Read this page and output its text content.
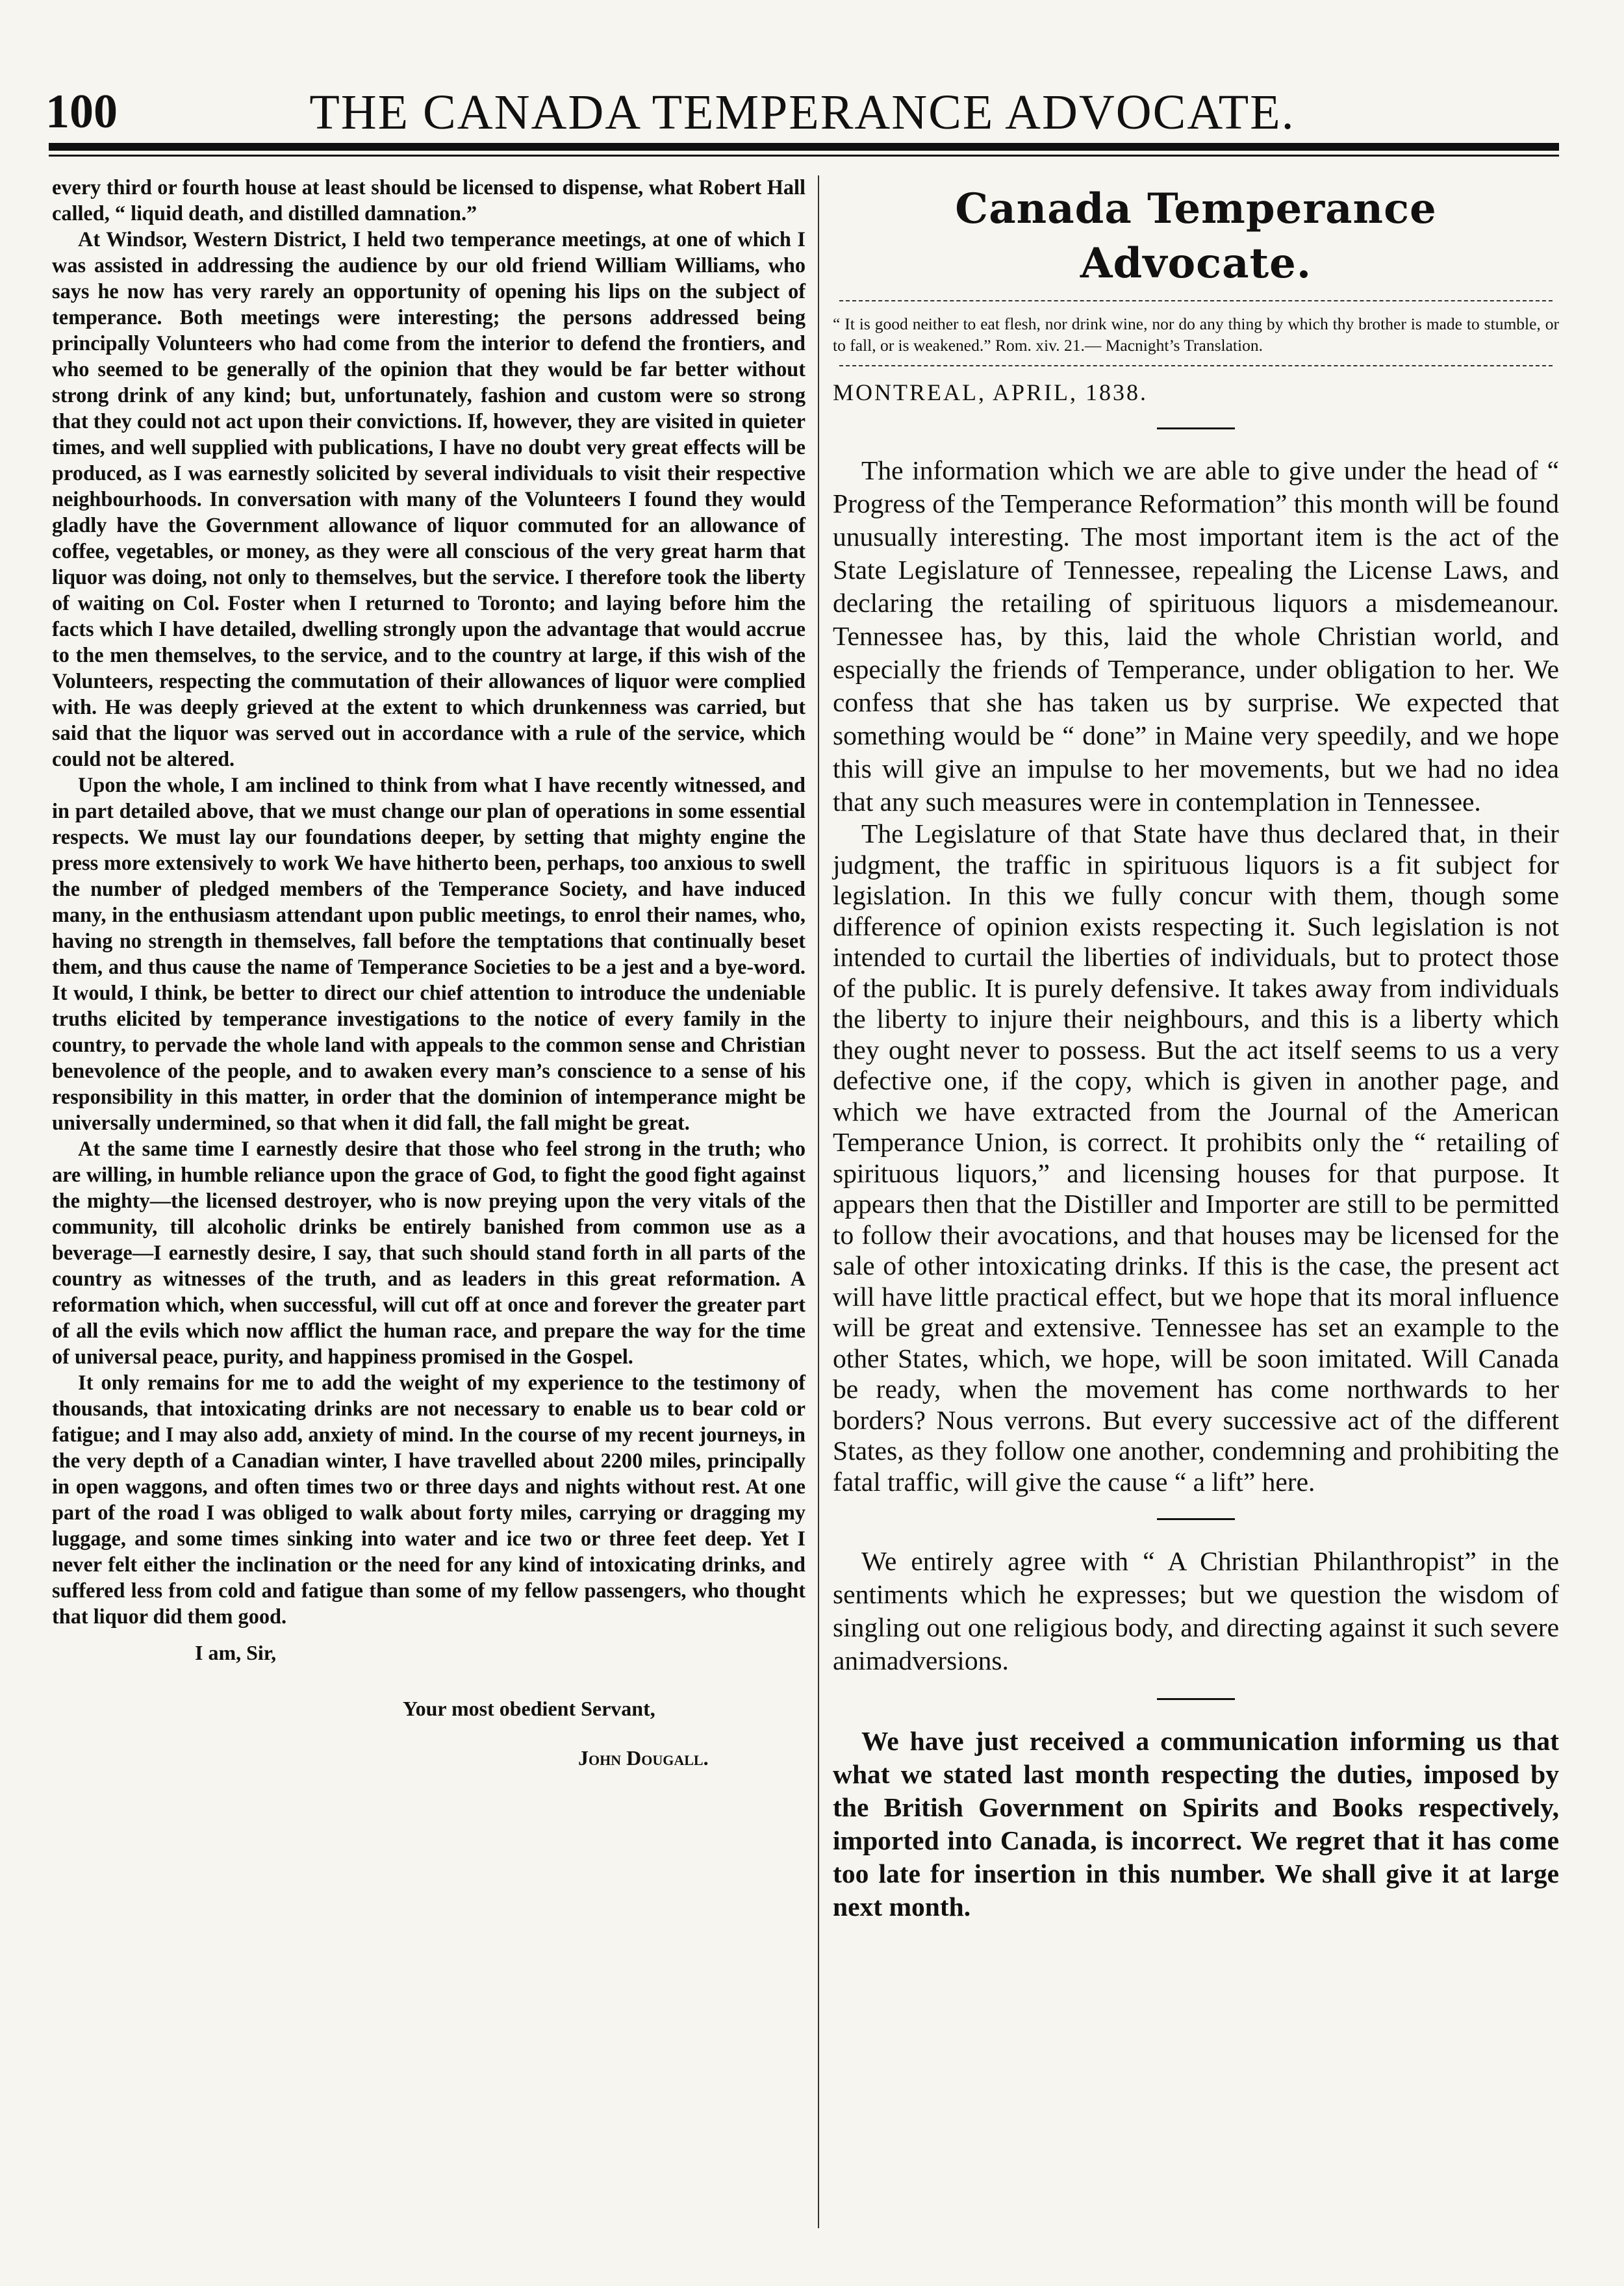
100	THE CANADA TEMPERANCE ADVOCATE.

every third or fourth house at least should be licensed to dispense, what Robert Hall called, “ liquid death, and distilled damnation.”

At Windsor, Western District, I held two temperance meetings, at one of which I was assisted in addressing the audience by our old friend William Williams, who says he now has very rarely an opportunity of opening his lips on the subject of temperance. Both meetings were interesting; the persons addressed being principally Volunteers who had come from the interior to defend the frontiers, and who seemed to be generally of the opinion that they would be far better without strong drink of any kind; but, unfortunately, fashion and custom were so strong that they could not act upon their convictions. If, however, they are visited in quieter times, and well supplied with publications, I have no doubt very great effects will be produced, as I was earnestly solicited by several individuals to visit their respective neighbourhoods. In conversation with many of the Volunteers I found they would gladly have the Government allowance of liquor commuted for an allowance of coffee, vegetables, or money, as they were all conscious of the very great harm that liquor was doing, not only to themselves, but the service. I therefore took the liberty of waiting on Col. Foster when I returned to Toronto; and laying before him the facts which I have detailed, dwelling strongly upon the advantage that would accrue to the men themselves, to the service, and to the country at large, if this wish of the Volunteers, respecting the commutation of their allowances of liquor were complied with. He was deeply grieved at the extent to which drunkenness was carried, but said that the liquor was served out in accordance with a rule of the service, which could not be altered.

Upon the whole, I am inclined to think from what I have recently witnessed, and in part detailed above, that we must change our plan of operations in some essential respects. We must lay our foundations deeper, by setting that mighty engine the press more extensively to work We have hitherto been, perhaps, too anxious to swell the number of pledged members of the Temperance Society, and have induced many, in the enthusiasm attendant upon public meetings, to enrol their names, who, having no strength in themselves, fall before the temptations that continually beset them, and thus cause the name of Temperance Societies to be a jest and a bye-word. It would, I think, be better to direct our chief attention to introduce the undeniable truths elicited by temperance investigations to the notice of every family in the country, to pervade the whole land with appeals to the common sense and Christian benevolence of the people, and to awaken every man’s conscience to a sense of his responsibility in this matter, in order that the dominion of intemperance might be universally undermined, so that when it did fall, the fall might be great.

At the same time I earnestly desire that those who feel strong in the truth; who are willing, in humble reliance upon the grace of God, to fight the good fight against the mighty—the licensed destroyer, who is now preying upon the very vitals of the community, till alcoholic drinks be entirely banished from common use as a beverage—I earnestly desire, I say, that such should stand forth in all parts of the country as witnesses of the truth, and as leaders in this great reformation. A reformation which, when successful, will cut off at once and forever the greater part of all the evils which now afflict the human race, and prepare the way for the time of universal peace, purity, and happiness promised in the Gospel.

It only remains for me to add the weight of my experience to the testimony of thousands, that intoxicating drinks are not necessary to enable us to bear cold or fatigue; and I may also add, anxiety of mind. In the course of my recent journeys, in the very depth of a Canadian winter, I have travelled about 2200 miles, principally in open waggons, and often times two or three days and nights without rest. At one part of the road I was obliged to walk about forty miles, carrying or dragging my luggage, and some times sinking into water and ice two or three feet deep. Yet I never felt either the inclination or the need for any kind of intoxicating drinks, and suffered less from cold and fatigue than some of my fellow passengers, who thought that liquor did them good.

I am, Sir,
Your most obedient Servant,
John Dougall.
Canada Temperance Advocate.

“ It is good neither to eat flesh, nor drink wine, nor do any thing by which thy brother is made to stumble, or to fall, or is weakened.” Rom. xiv. 21.— Macnight’s Translation.

MONTREAL, APRIL, 1838.

The information which we are able to give under the head of “ Progress of the Temperance Reformation” this month will be found unusually interesting. The most important item is the act of the State Legislature of Tennessee, repealing the License Laws, and declaring the retailing of spirituous liquors a misdemeanour. Tennessee has, by this, laid the whole Christian world, and especially the friends of Temperance, under obligation to her. We confess that she has taken us by surprise. We expected that something would be “ done” in Maine very speedily, and we hope this will give an impulse to her movements, but we had no idea that any such measures were in contemplation in Tennessee.

The Legislature of that State have thus declared that, in their judgment, the traffic in spirituous liquors is a fit subject for legislation. In this we fully concur with them, though some difference of opinion exists respecting it. Such legislation is not intended to curtail the liberties of individuals, but to protect those of the public. It is purely defensive. It takes away from individuals the liberty to injure their neighbours, and this is a liberty which they ought never to possess. But the act itself seems to us a very defective one, if the copy, which is given in another page, and which we have extracted from the Journal of the American Temperance Union, is correct. It prohibits only the “ retailing of spirituous liquors,” and licensing houses for that purpose. It appears then that the Distiller and Importer are still to be permitted to follow their avocations, and that houses may be licensed for the sale of other intoxicating drinks. If this is the case, the present act will have little practical effect, but we hope that its moral influence will be great and extensive. Tennessee has set an example to the other States, which, we hope, will be soon imitated. Will Canada be ready, when the movement has come northwards to her borders? Nous verrons. But every successive act of the different States, as they follow one another, condemning and prohibiting the fatal traffic, will give the cause “ a lift” here.

We entirely agree with “ A Christian Philanthropist” in the sentiments which he expresses; but we question the wisdom of singling out one religious body, and directing against it such severe animadversions.

We have just received a communication informing us that what we stated last month respecting the duties, imposed by the British Government on Spirits and Books respectively, imported into Canada, is incorrect. We regret that it has come too late for insertion in this number. We shall give it at large next month.
